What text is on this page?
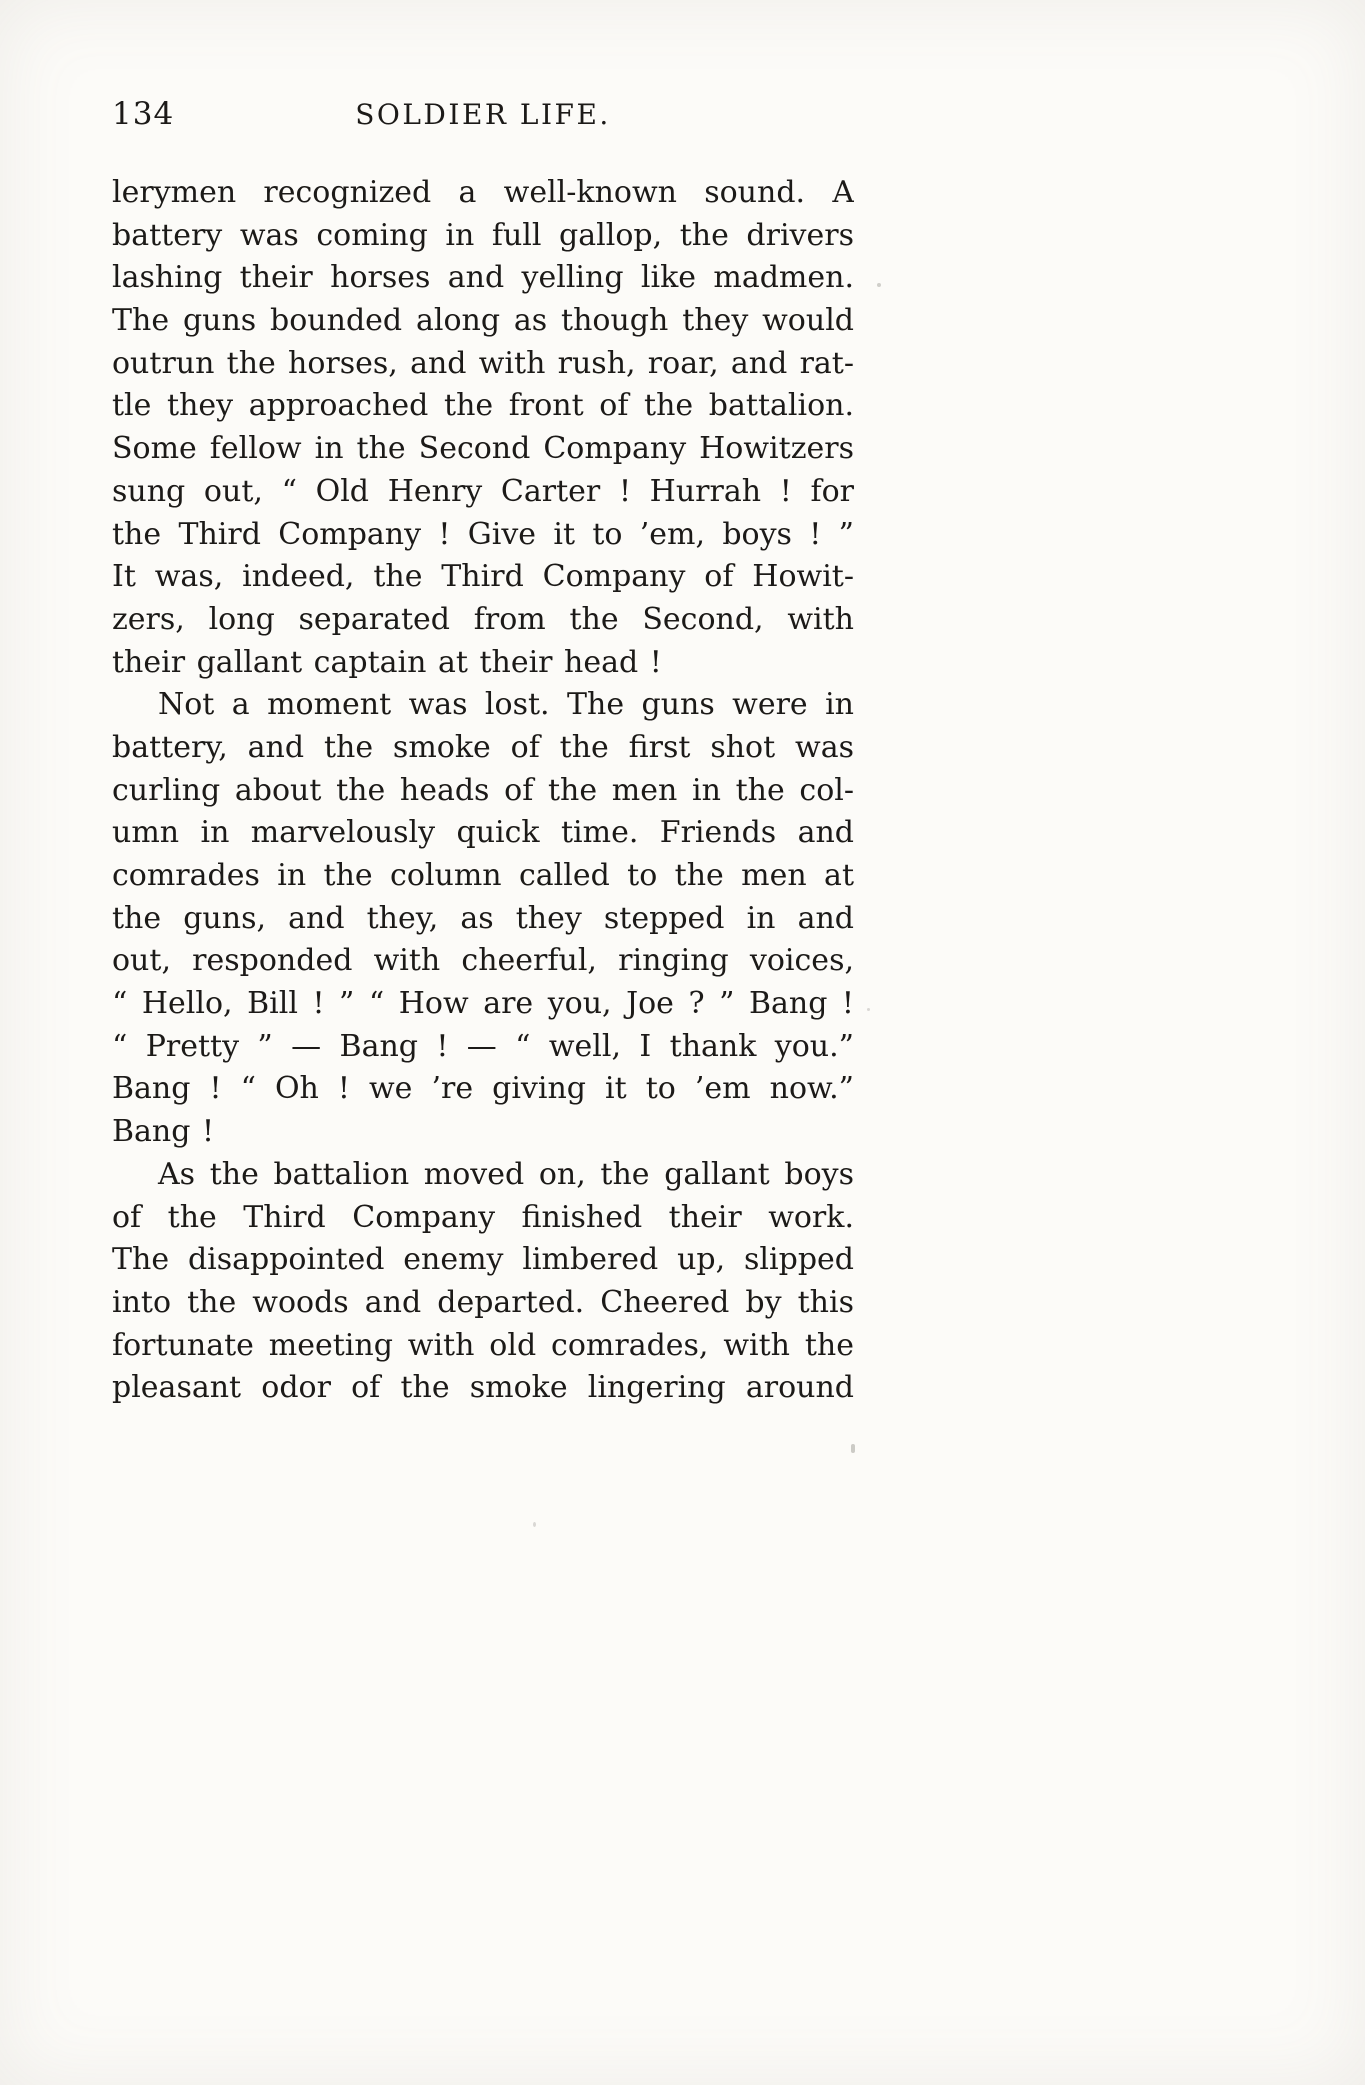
134	SOLDIER LIFE.
lerymen recognized a well-known sound. A
battery was coming in full gallop, the drivers
lashing their horses and yelling like madmen.
The guns bounded along as though they would
outrun the horses, and with rush, roar, and rat-
tle they approached the front of the battalion.
Some fellow in the Second Company Howitzers
sung out, “ Old Henry Carter ! Hurrah ! for
the Third Company ! Give it to ’em, boys ! ”
It was, indeed, the Third Company of Howit-
zers, long separated from the Second, with
their gallant captain at their head !
Not a moment was lost. The guns were in
battery, and the smoke of the first shot was
curling about the heads of the men in the col-
umn in marvelously quick time. Friends and
comrades in the column called to the men at
the guns, and they, as they stepped in and
out, responded with cheerful, ringing voices,
“ Hello, Bill ! ” “ How are you, Joe ? ” Bang !
“ Pretty ” — Bang ! — “ well, I thank you.”
Bang ! “ Oh ! we ’re giving it to ’em now.”
Bang !
As the battalion moved on, the gallant boys
of the Third Company finished their work.
The disappointed enemy limbered up, slipped
into the woods and departed. Cheered by this
fortunate meeting with old comrades, with the
pleasant odor of the smoke lingering around
